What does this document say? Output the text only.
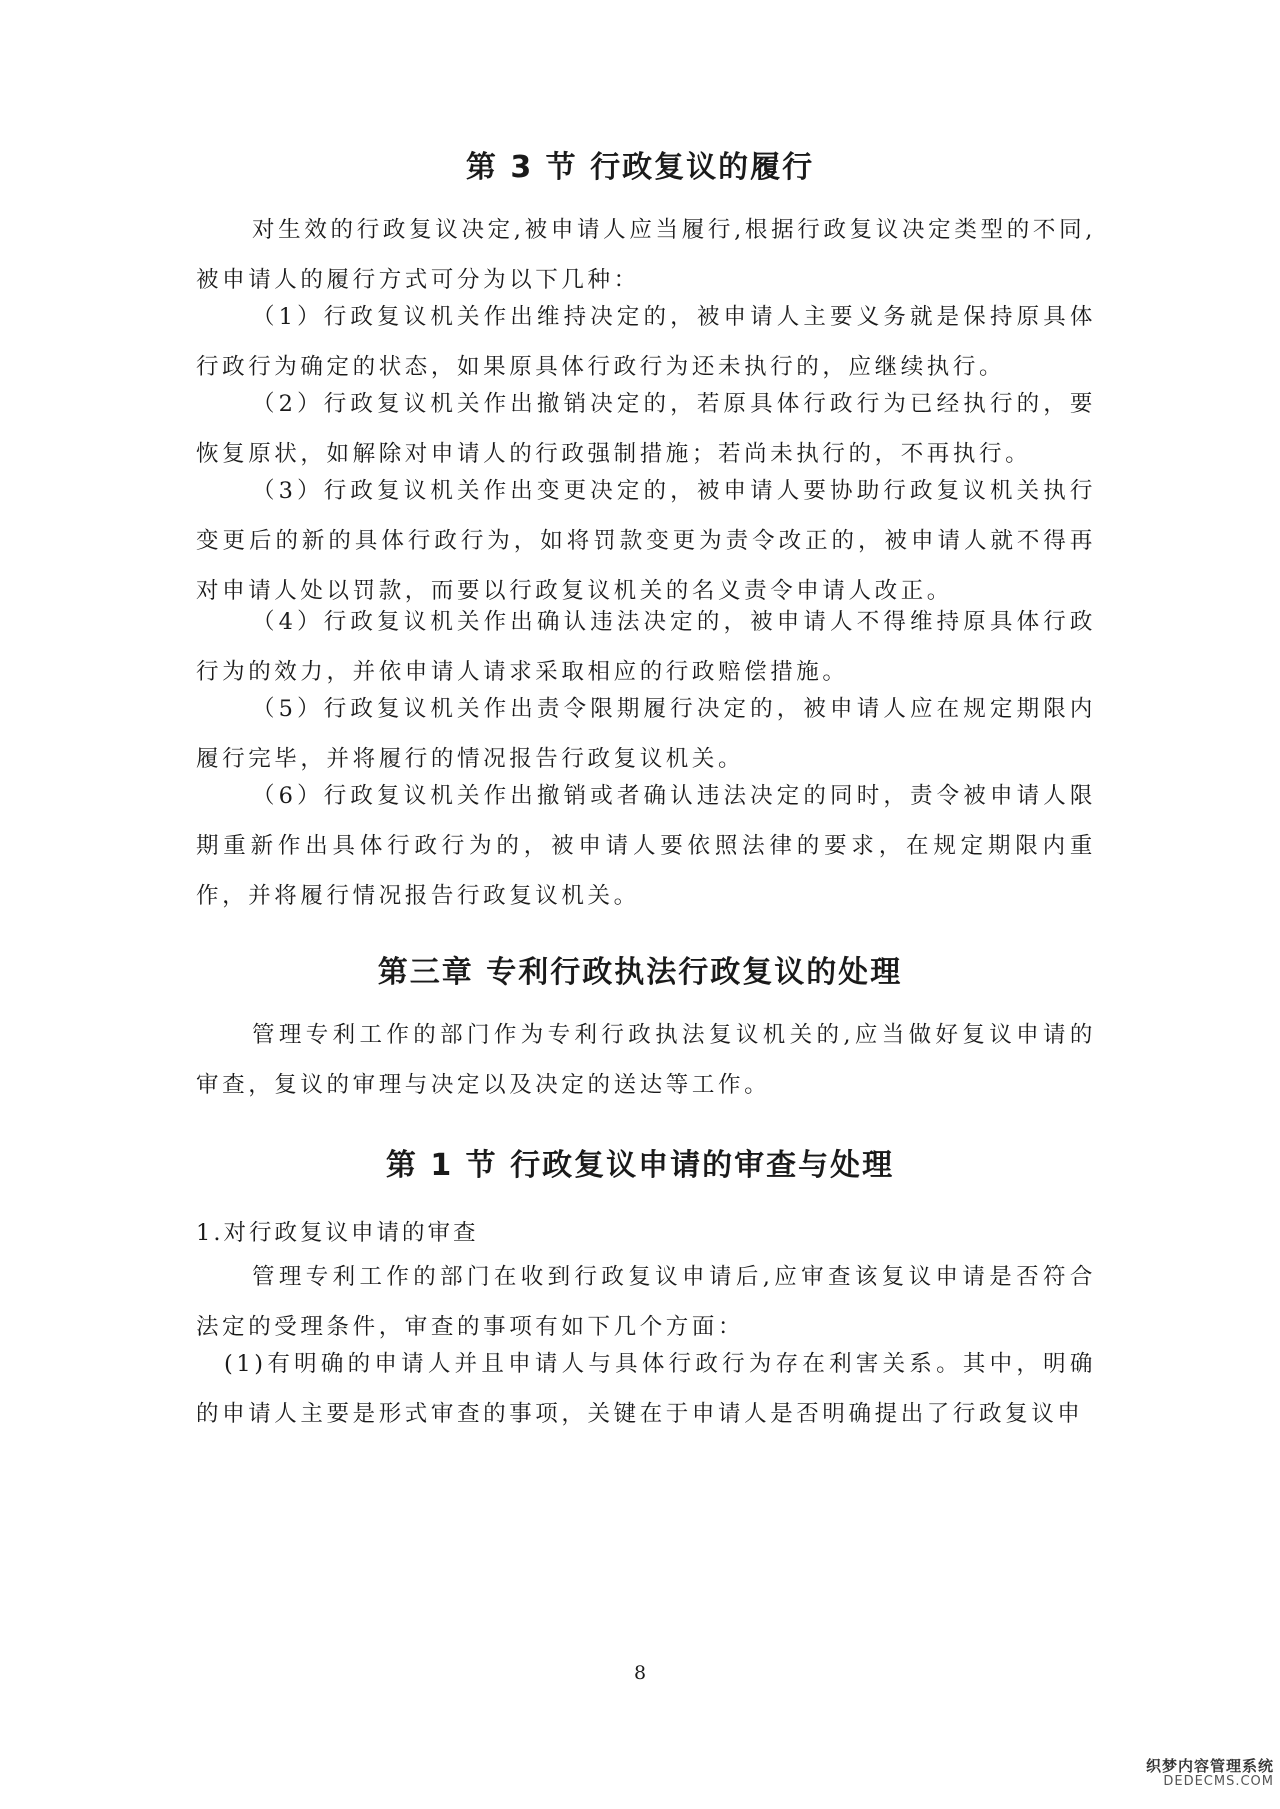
第 3 节 行政复议的履行

对生效的行政复议决定,被申请人应当履行,根据行政复议决定类型的不同,被申请人的履行方式可分为以下几种：

（1）行政复议机关作出维持决定的，被申请人主要义务就是保持原具体行政行为确定的状态，如果原具体行政行为还未执行的，应继续执行。

（2）行政复议机关作出撤销决定的，若原具体行政行为已经执行的，要恢复原状，如解除对申请人的行政强制措施；若尚未执行的，不再执行。

（3）行政复议机关作出变更决定的，被申请人要协助行政复议机关执行变更后的新的具体行政行为，如将罚款变更为责令改正的，被申请人就不得再对申请人处以罚款，而要以行政复议机关的名义责令申请人改正。

（4）行政复议机关作出确认违法决定的，被申请人不得维持原具体行政行为的效力，并依申请人请求采取相应的行政赔偿措施。

（5）行政复议机关作出责令限期履行决定的，被申请人应在规定期限内履行完毕，并将履行的情况报告行政复议机关。

（6）行政复议机关作出撤销或者确认违法决定的同时，责令被申请人限期重新作出具体行政行为的，被申请人要依照法律的要求，在规定期限内重作，并将履行情况报告行政复议机关。

第三章 专利行政执法行政复议的处理

管理专利工作的部门作为专利行政执法复议机关的,应当做好复议申请的审查，复议的审理与决定以及决定的送达等工作。

第 1 节 行政复议申请的审查与处理

1.对行政复议申请的审查

管理专利工作的部门在收到行政复议申请后,应审查该复议申请是否符合法定的受理条件，审查的事项有如下几个方面：

(1)有明确的申请人并且申请人与具体行政行为存在利害关系。其中，明确的申请人主要是形式审查的事项，关键在于申请人是否明确提出了行政复议申

8

织梦内容管理系统
DEDECMS.COM
